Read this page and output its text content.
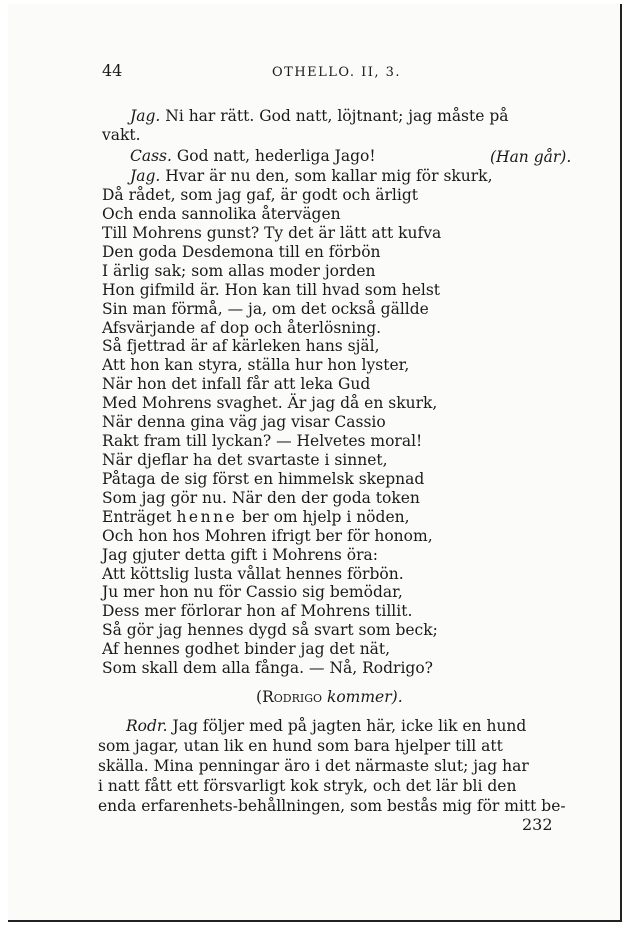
44	OTHELLO. II, 3.
Jag. Ni har rätt. God natt, löjtnant; jag måste på
vakt.
Cass. God natt, hederliga Jago!	(Han går).
Jag. Hvar är nu den, som kallar mig för skurk,
Då rådet, som jag gaf, är godt och ärligt
Och enda sannolika återvägen
Till Mohrens gunst? Ty det är lätt att kufva
Den goda Desdemona till en förbön
I ärlig sak; som allas moder jorden
Hon gifmild är. Hon kan till hvad som helst
Sin man förmå, — ja, om det också gällde
Afsvärjande af dop och återlösning.
Så fjettrad är af kärleken hans själ,
Att hon kan styra, ställa hur hon lyster,
När hon det infall får att leka Gud
Med Mohrens svaghet. Är jag då en skurk,
När denna gina väg jag visar Cassio
Rakt fram till lyckan? — Helvetes moral!
När djeflar ha det svartaste i sinnet,
Påtaga de sig först en himmelsk skepnad
Som jag gör nu. När den der goda token
Enträget henne ber om hjelp i nöden,
Och hon hos Mohren ifrigt ber för honom,
Jag gjuter detta gift i Mohrens öra:
Att köttslig lusta vållat hennes förbön.
Ju mer hon nu för Cassio sig bemödar,
Dess mer förlorar hon af Mohrens tillit.
Så gör jag hennes dygd så svart som beck;
Af hennes godhet binder jag det nät,
Som skall dem alla fånga. — Nå, Rodrigo?
(Rodrigo kommer).
Rodr. Jag följer med på jagten här, icke lik en hund
som jagar, utan lik en hund som bara hjelper till att
skälla. Mina penningar äro i det närmaste slut; jag har
i natt fått ett försvarligt kok stryk, och det lär bli den
enda erfarenhets-behållningen, som bestås mig för mitt be-
232
